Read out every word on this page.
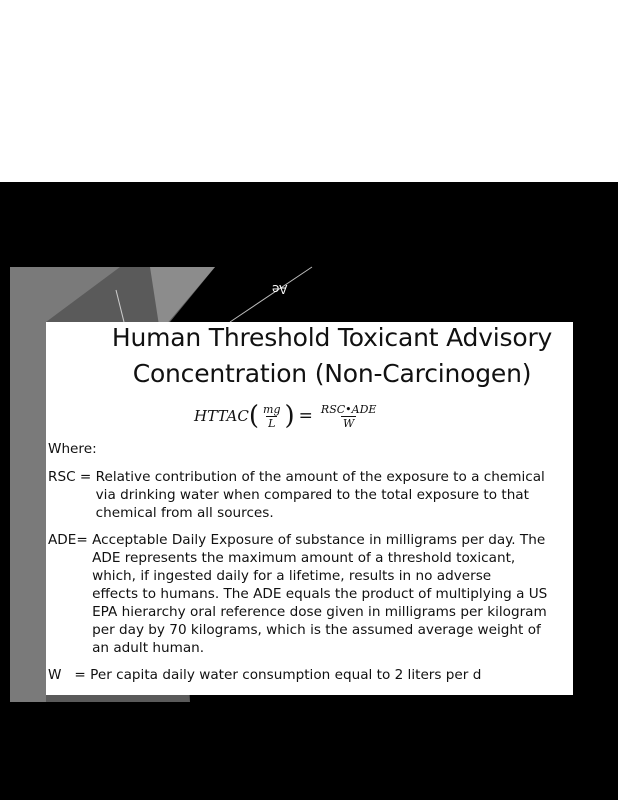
Ae
Human Threshold Toxicant Advisory
Concentration (Non-Carcinogen)
HTTAC ( $\frac{mg}{L}$ ) = $\frac{\text{RSC•ADE}}{W}$
Where:
RSC = Relative contribution of the amount of the exposure to a chemical
via drinking water when compared to the total exposure to that
chemical from all sources.
ADE= Acceptable Daily Exposure of substance in milligrams per day. The
ADE represents the maximum amount of a threshold toxicant,
which, if ingested daily for a lifetime, results in no adverse
effects to humans. The ADE equals the product of multiplying a US
EPA hierarchy oral reference dose given in milligrams per kilogram
per day by 70 kilograms, which is the assumed average weight of
an adult human.
W   = Per capita daily water consumption equal to 2 liters per d
